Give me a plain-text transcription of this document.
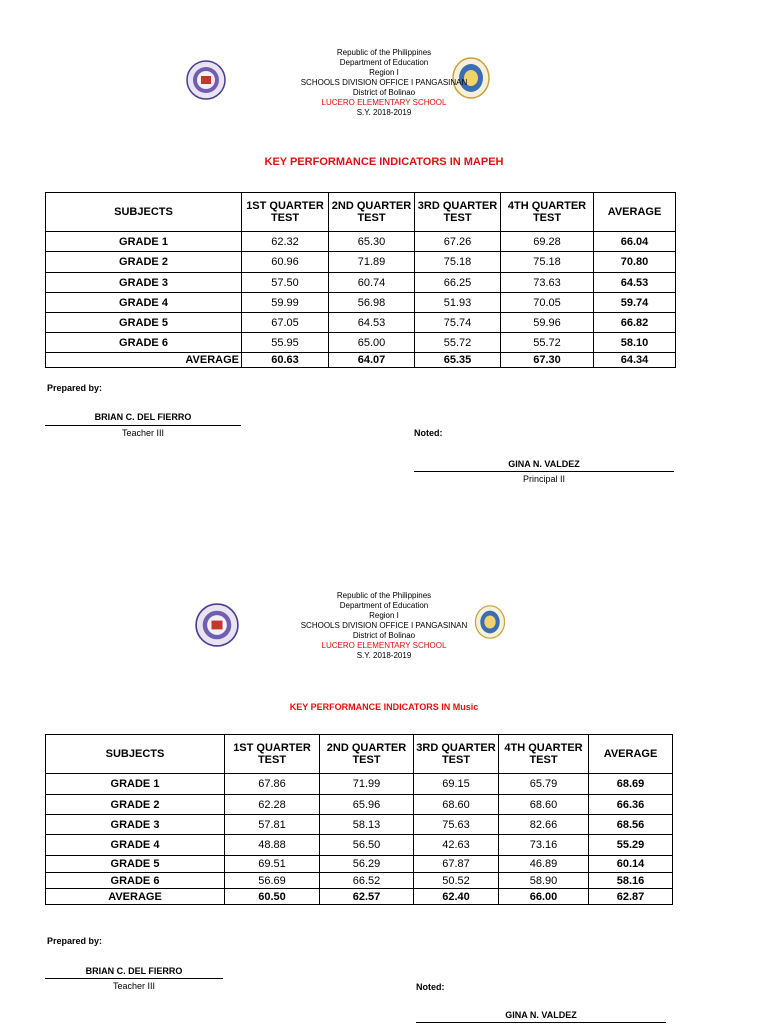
Republic of the Philippines
Department of Education
Region I
SCHOOLS DIVISION OFFICE I PANGASINAN
District of Bolinao
LUCERO ELEMENTARY SCHOOL
S.Y. 2018-2019
KEY PERFORMANCE INDICATORS IN MAPEH
SUBJECTS	1ST QUARTER TEST	2ND QUARTER TEST	3RD QUARTER TEST	4TH QUARTER TEST	AVERAGE
GRADE 1	62.32	65.30	67.26	69.28	66.04
GRADE 2	60.96	71.89	75.18	75.18	70.80
GRADE 3	57.50	60.74	66.25	73.63	64.53
GRADE 4	59.99	56.98	51.93	70.05	59.74
GRADE 5	67.05	64.53	75.74	59.96	66.82
GRADE 6	55.95	65.00	55.72	55.72	58.10
AVERAGE	60.63	64.07	65.35	67.30	64.34
Prepared by:
BRIAN C. DEL FIERRO
Teacher III	Noted:
GINA N. VALDEZ
Principal II
Republic of the Philippines
Department of Education
Region I
SCHOOLS DIVISION OFFICE I PANGASINAN
District of Bolinao
LUCERO ELEMENTARY SCHOOL
S.Y. 2018-2019
KEY PERFORMANCE INDICATORS IN Music
SUBJECTS	1ST QUARTER TEST	2ND QUARTER TEST	3RD QUARTER TEST	4TH QUARTER TEST	AVERAGE
GRADE 1	67.86	71.99	69.15	65.79	68.69
GRADE 2	62.28	65.96	68.60	68.60	66.36
GRADE 3	57.81	58.13	75.63	82.66	68.56
GRADE 4	48.88	56.50	42.63	73.16	55.29
GRADE 5	69.51	56.29	67.87	46.89	60.14
GRADE 6	56.69	66.52	50.52	58.90	58.16
AVERAGE	60.50	62.57	62.40	66.00	62.87
Prepared by:
BRIAN C. DEL FIERRO
Teacher III	Noted:
GINA N. VALDEZ
